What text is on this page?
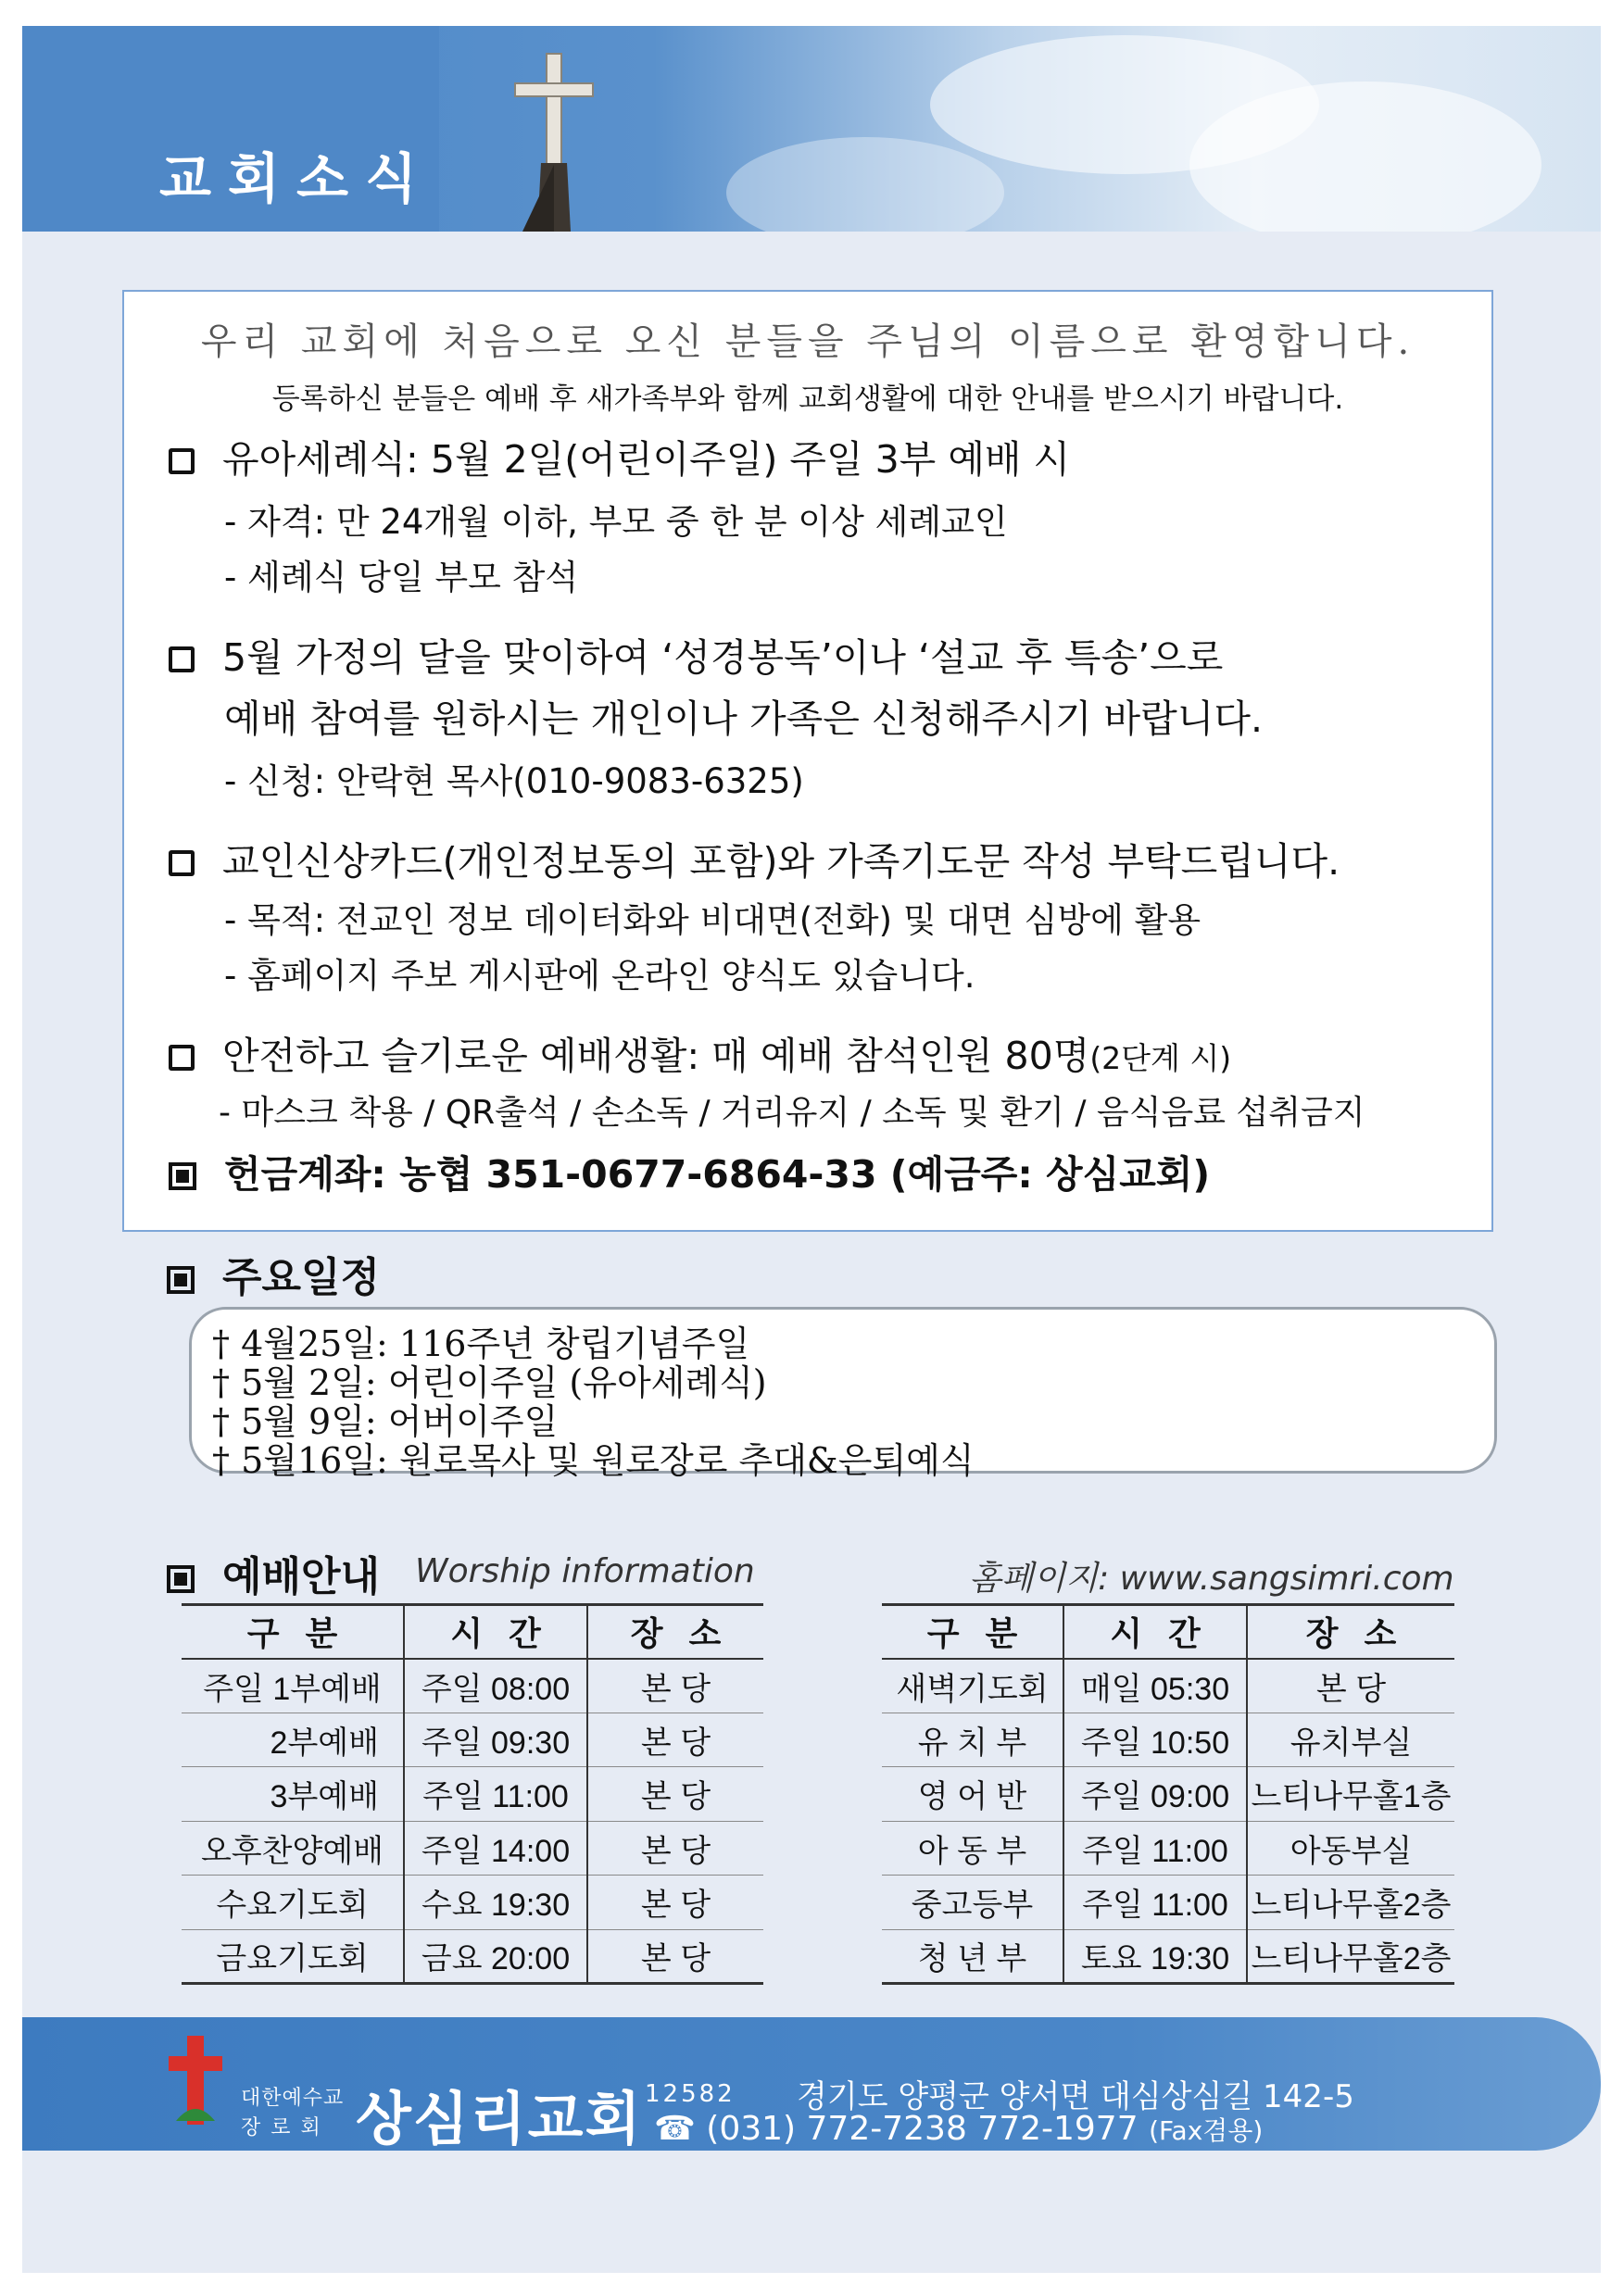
교회소식
우리 교회에 처음으로 오신 분들을 주님의 이름으로 환영합니다.
등록하신 분들은 예배 후 새가족부와 함께 교회생활에 대한 안내를 받으시기 바랍니다.
유아세례식: 5월 2일(어린이주일) 주일 3부 예배 시
- 자격: 만 24개월 이하, 부모 중 한 분 이상 세례교인
- 세례식 당일 부모 참석
5월 가정의 달을 맞이하여 ‘성경봉독’이나 ‘설교 후 특송’으로
예배 참여를 원하시는 개인이나 가족은 신청해주시기 바랍니다.
- 신청: 안락현 목사(010-9083-6325)
교인신상카드(개인정보동의 포함)와 가족기도문 작성 부탁드립니다.
- 목적: 전교인 정보 데이터화와 비대면(전화) 및 대면 심방에 활용
- 홈페이지 주보 게시판에 온라인 양식도 있습니다.
안전하고 슬기로운 예배생활: 매 예배 참석인원 80명(2단계 시)
- 마스크 착용 / QR출석 / 손소독 / 거리유지 / 소독 및 환기 / 음식음료 섭취금지
헌금계좌: 농협 351-0677-6864-33 (예금주: 상심교회)
주요일정
† 4월25일: 116주년 창립기념주일
† 5월 2일: 어린이주일 (유아세례식)
† 5월 9일: 어버이주일
† 5월16일: 원로목사 및 원로장로 추대&은퇴예식
예배안내 Worship information	홈페이지: www.sangsimri.com
구분	시간	장소
주일 1부예배	주일 08:00	본 당
2부예배	주일 09:30	본 당
3부예배	주일 11:00	본 당
오후찬양예배	주일 14:00	본 당
수요기도회	수요 19:30	본 당
금요기도회	금요 20:00	본 당
구분	시간	장소
새벽기도회	매일 05:30	본 당
유 치 부	주일 10:50	유치부실
영 어 반	주일 09:00	느티나무홀1층
아 동 부	주일 11:00	아동부실
중고등부	주일 11:00	느티나무홀2층
청 년 부	토요 19:30	느티나무홀2층
대한예수교
장로회 상심리교회 12582 경기도 양평군 양서면 대심상심길 142-5
☎ (031) 772-7238 772-1977 (Fax겸용)
